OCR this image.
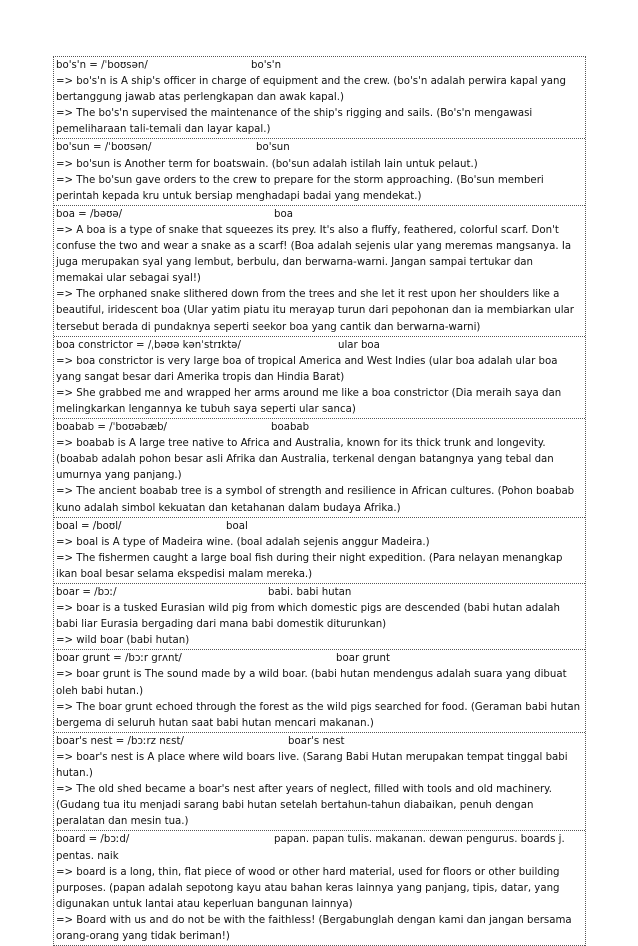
bo's'n = /ˈboʊsən/	bo's'n
=> bo's'n is A ship's officer in charge of equipment and the crew. (bo's'n adalah perwira kapal yang bertanggung jawab atas perlengkapan dan awak kapal.)
=> The bo's'n supervised the maintenance of the ship's rigging and sails. (Bo's'n mengawasi pemeliharaan tali-temali dan layar kapal.)
bo'sun = /ˈboʊsən/	bo'sun
=> bo'sun is Another term for boatswain. (bo'sun adalah istilah lain untuk pelaut.)
=> The bo'sun gave orders to the crew to prepare for the storm approaching. (Bo'sun memberi perintah kepada kru untuk bersiap menghadapi badai yang mendekat.)
boa = /bəʊə/	boa
=> A boa is a type of snake that squeezes its prey. It's also a fluffy, feathered, colorful scarf. Don't confuse the two and wear a snake as a scarf! (Boa adalah sejenis ular yang meremas mangsanya. Ia juga merupakan syal yang lembut, berbulu, dan berwarna-warni. Jangan sampai tertukar dan memakai ular sebagai syal!)
=> The orphaned snake slithered down from the trees and she let it rest upon her shoulders like a beautiful, iridescent boa (Ular yatim piatu itu merayap turun dari pepohonan dan ia membiarkan ular tersebut berada di pundaknya seperti seekor boa yang cantik dan berwarna-warni)
boa constrictor = /ˌbəʊə kənˈstrɪktə/	ular boa
=> boa constrictor is very large boa of tropical America and West Indies (ular boa adalah ular boa yang sangat besar dari Amerika tropis dan Hindia Barat)
=> She grabbed me and wrapped her arms around me like a boa constrictor (Dia meraih saya dan melingkarkan lengannya ke tubuh saya seperti ular sanca)
boabab = /ˈboʊəbæb/	boabab
=> boabab is A large tree native to Africa and Australia, known for its thick trunk and longevity. (boabab adalah pohon besar asli Afrika dan Australia, terkenal dengan batangnya yang tebal dan umurnya yang panjang.)
=> The ancient boabab tree is a symbol of strength and resilience in African cultures. (Pohon boabab kuno adalah simbol kekuatan dan ketahanan dalam budaya Afrika.)
boal = /boʊl/	boal
=> boal is A type of Madeira wine. (boal adalah sejenis anggur Madeira.)
=> The fishermen caught a large boal fish during their night expedition. (Para nelayan menangkap ikan boal besar selama ekspedisi malam mereka.)
boar = /bɔː/	babi. babi hutan
=> boar is a tusked Eurasian wild pig from which domestic pigs are descended (babi hutan adalah babi liar Eurasia bergading dari mana babi domestik diturunkan)
=> wild boar (babi hutan)
boar grunt = /bɔːr grʌnt/	boar grunt
=> boar grunt is The sound made by a wild boar. (babi hutan mendengus adalah suara yang dibuat oleh babi hutan.)
=> The boar grunt echoed through the forest as the wild pigs searched for food. (Geraman babi hutan bergema di seluruh hutan saat babi hutan mencari makanan.)
boar's nest = /bɔːrz nɛst/	boar's nest
=> boar's nest is A place where wild boars live. (Sarang Babi Hutan merupakan tempat tinggal babi hutan.)
=> The old shed became a boar's nest after years of neglect, filled with tools and old machinery. (Gudang tua itu menjadi sarang babi hutan setelah bertahun-tahun diabaikan, penuh dengan peralatan dan mesin tua.)
board = /bɔːd/	papan. papan tulis. makanan. dewan pengurus. boards j. pentas. naik
=> board is a long, thin, flat piece of wood or other hard material, used for floors or other building purposes. (papan adalah sepotong kayu atau bahan keras lainnya yang panjang, tipis, datar, yang digunakan untuk lantai atau keperluan bangunan lainnya)
=> Board with us and do not be with the faithless! (Bergabunglah dengan kami dan jangan bersama orang-orang yang tidak beriman!)
